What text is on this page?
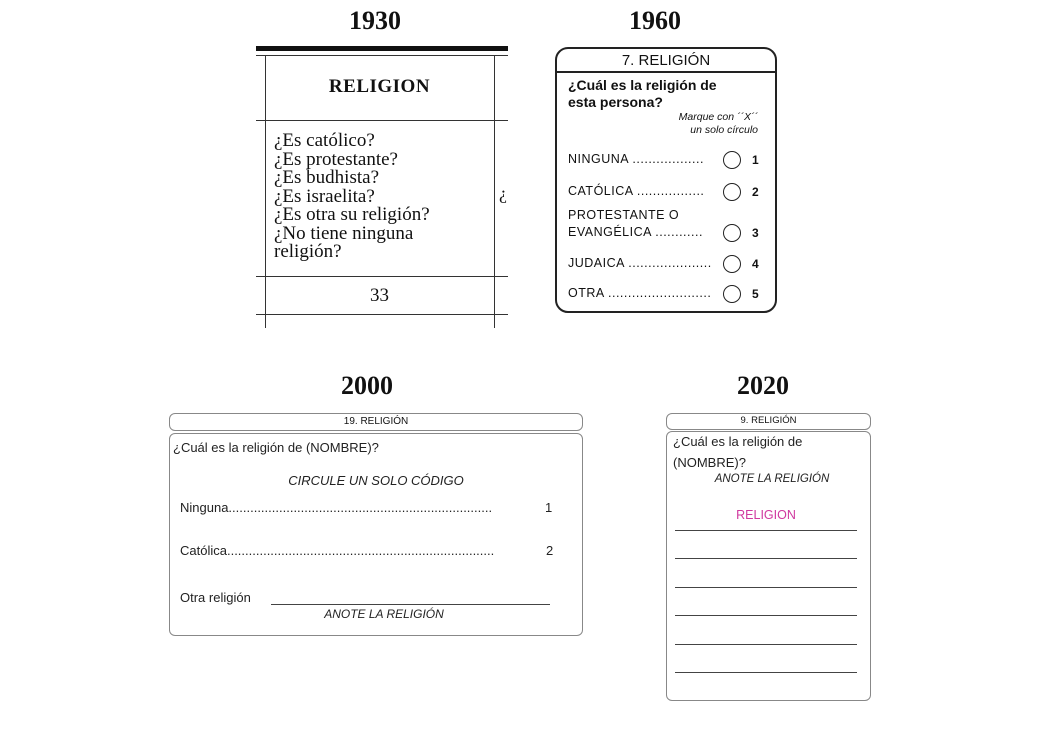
1930	1960
2000	2020
RELIGION
¿Es católico?
¿Es protestante?
¿Es budhista?
¿Es israelita?
¿Es otra su religión?
¿No tiene ninguna
religión?
¿
33
7. RELIGIÓN
¿Cuál es la religión de
esta persona?
Marque con ´´X´´
un solo círculo
NINGUNA ..................	1
CATÓLICA .................	2
PROTESTANTE O
EVANGÉLICA ............	3
JUDAICA .....................	4
OTRA ..........................	5
19. RELIGIÓN
¿Cuál es la religión de (NOMBRE)?
CIRCULE UN SOLO CÓDIGO
Ninguna.........................................................................	1
Católica..........................................................................	2
Otra religión
ANOTE LA RELIGIÓN
9. RELIGIÓN
¿Cuál es la religión de
(NOMBRE)?
ANOTE LA RELIGIÓN
RELIGION
